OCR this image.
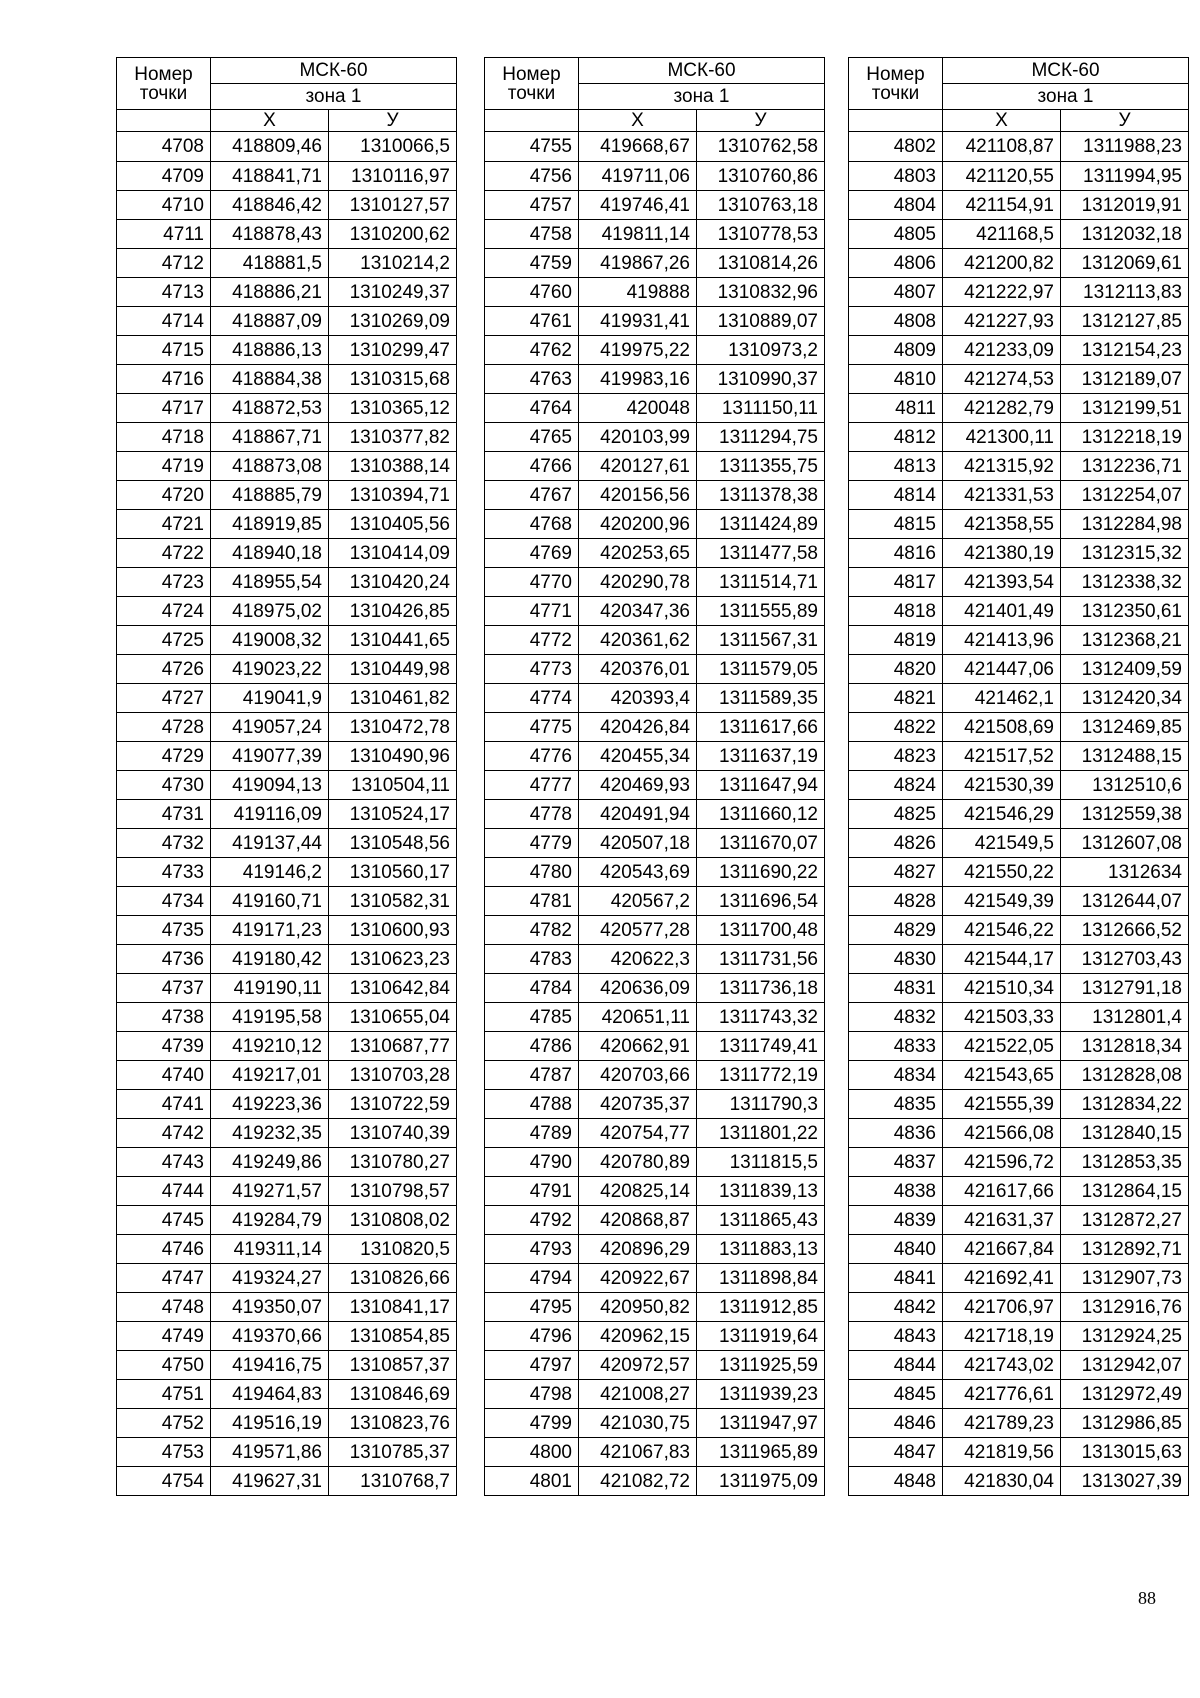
Номер точки	МСК-60	
	зона 1	
	Х	У
4708	418809,46	1310066,5
4709	418841,71	1310116,97
4710	418846,42	1310127,57
4711	418878,43	1310200,62
4712	418881,5	1310214,2
4713	418886,21	1310249,37
4714	418887,09	1310269,09
4715	418886,13	1310299,47
4716	418884,38	1310315,68
4717	418872,53	1310365,12
4718	418867,71	1310377,82
4719	418873,08	1310388,14
4720	418885,79	1310394,71
4721	418919,85	1310405,56
4722	418940,18	1310414,09
4723	418955,54	1310420,24
4724	418975,02	1310426,85
4725	419008,32	1310441,65
4726	419023,22	1310449,98
4727	419041,9	1310461,82
4728	419057,24	1310472,78
4729	419077,39	1310490,96
4730	419094,13	1310504,11
4731	419116,09	1310524,17
4732	419137,44	1310548,56
4733	419146,2	1310560,17
4734	419160,71	1310582,31
4735	419171,23	1310600,93
4736	419180,42	1310623,23
4737	419190,11	1310642,84
4738	419195,58	1310655,04
4739	419210,12	1310687,77
4740	419217,01	1310703,28
4741	419223,36	1310722,59
4742	419232,35	1310740,39
4743	419249,86	1310780,27
4744	419271,57	1310798,57
4745	419284,79	1310808,02
4746	419311,14	1310820,5
4747	419324,27	1310826,66
4748	419350,07	1310841,17
4749	419370,66	1310854,85
4750	419416,75	1310857,37
4751	419464,83	1310846,69
4752	419516,19	1310823,76
4753	419571,86	1310785,37
4754	419627,31	1310768,7
Номер точки	МСК-60	
	зона 1	
	Х	У
4755	419668,67	1310762,58
4756	419711,06	1310760,86
4757	419746,41	1310763,18
4758	419811,14	1310778,53
4759	419867,26	1310814,26
4760	419888	1310832,96
4761	419931,41	1310889,07
4762	419975,22	1310973,2
4763	419983,16	1310990,37
4764	420048	1311150,11
4765	420103,99	1311294,75
4766	420127,61	1311355,75
4767	420156,56	1311378,38
4768	420200,96	1311424,89
4769	420253,65	1311477,58
4770	420290,78	1311514,71
4771	420347,36	1311555,89
4772	420361,62	1311567,31
4773	420376,01	1311579,05
4774	420393,4	1311589,35
4775	420426,84	1311617,66
4776	420455,34	1311637,19
4777	420469,93	1311647,94
4778	420491,94	1311660,12
4779	420507,18	1311670,07
4780	420543,69	1311690,22
4781	420567,2	1311696,54
4782	420577,28	1311700,48
4783	420622,3	1311731,56
4784	420636,09	1311736,18
4785	420651,11	1311743,32
4786	420662,91	1311749,41
4787	420703,66	1311772,19
4788	420735,37	1311790,3
4789	420754,77	1311801,22
4790	420780,89	1311815,5
4791	420825,14	1311839,13
4792	420868,87	1311865,43
4793	420896,29	1311883,13
4794	420922,67	1311898,84
4795	420950,82	1311912,85
4796	420962,15	1311919,64
4797	420972,57	1311925,59
4798	421008,27	1311939,23
4799	421030,75	1311947,97
4800	421067,83	1311965,89
4801	421082,72	1311975,09
Номер точки	МСК-60	
	зона 1	
	Х	У
4802	421108,87	1311988,23
4803	421120,55	1311994,95
4804	421154,91	1312019,91
4805	421168,5	1312032,18
4806	421200,82	1312069,61
4807	421222,97	1312113,83
4808	421227,93	1312127,85
4809	421233,09	1312154,23
4810	421274,53	1312189,07
4811	421282,79	1312199,51
4812	421300,11	1312218,19
4813	421315,92	1312236,71
4814	421331,53	1312254,07
4815	421358,55	1312284,98
4816	421380,19	1312315,32
4817	421393,54	1312338,32
4818	421401,49	1312350,61
4819	421413,96	1312368,21
4820	421447,06	1312409,59
4821	421462,1	1312420,34
4822	421508,69	1312469,85
4823	421517,52	1312488,15
4824	421530,39	1312510,6
4825	421546,29	1312559,38
4826	421549,5	1312607,08
4827	421550,22	1312634
4828	421549,39	1312644,07
4829	421546,22	1312666,52
4830	421544,17	1312703,43
4831	421510,34	1312791,18
4832	421503,33	1312801,4
4833	421522,05	1312818,34
4834	421543,65	1312828,08
4835	421555,39	1312834,22
4836	421566,08	1312840,15
4837	421596,72	1312853,35
4838	421617,66	1312864,15
4839	421631,37	1312872,27
4840	421667,84	1312892,71
4841	421692,41	1312907,73
4842	421706,97	1312916,76
4843	421718,19	1312924,25
4844	421743,02	1312942,07
4845	421776,61	1312972,49
4846	421789,23	1312986,85
4847	421819,56	1313015,63
4848	421830,04	1313027,39
88
